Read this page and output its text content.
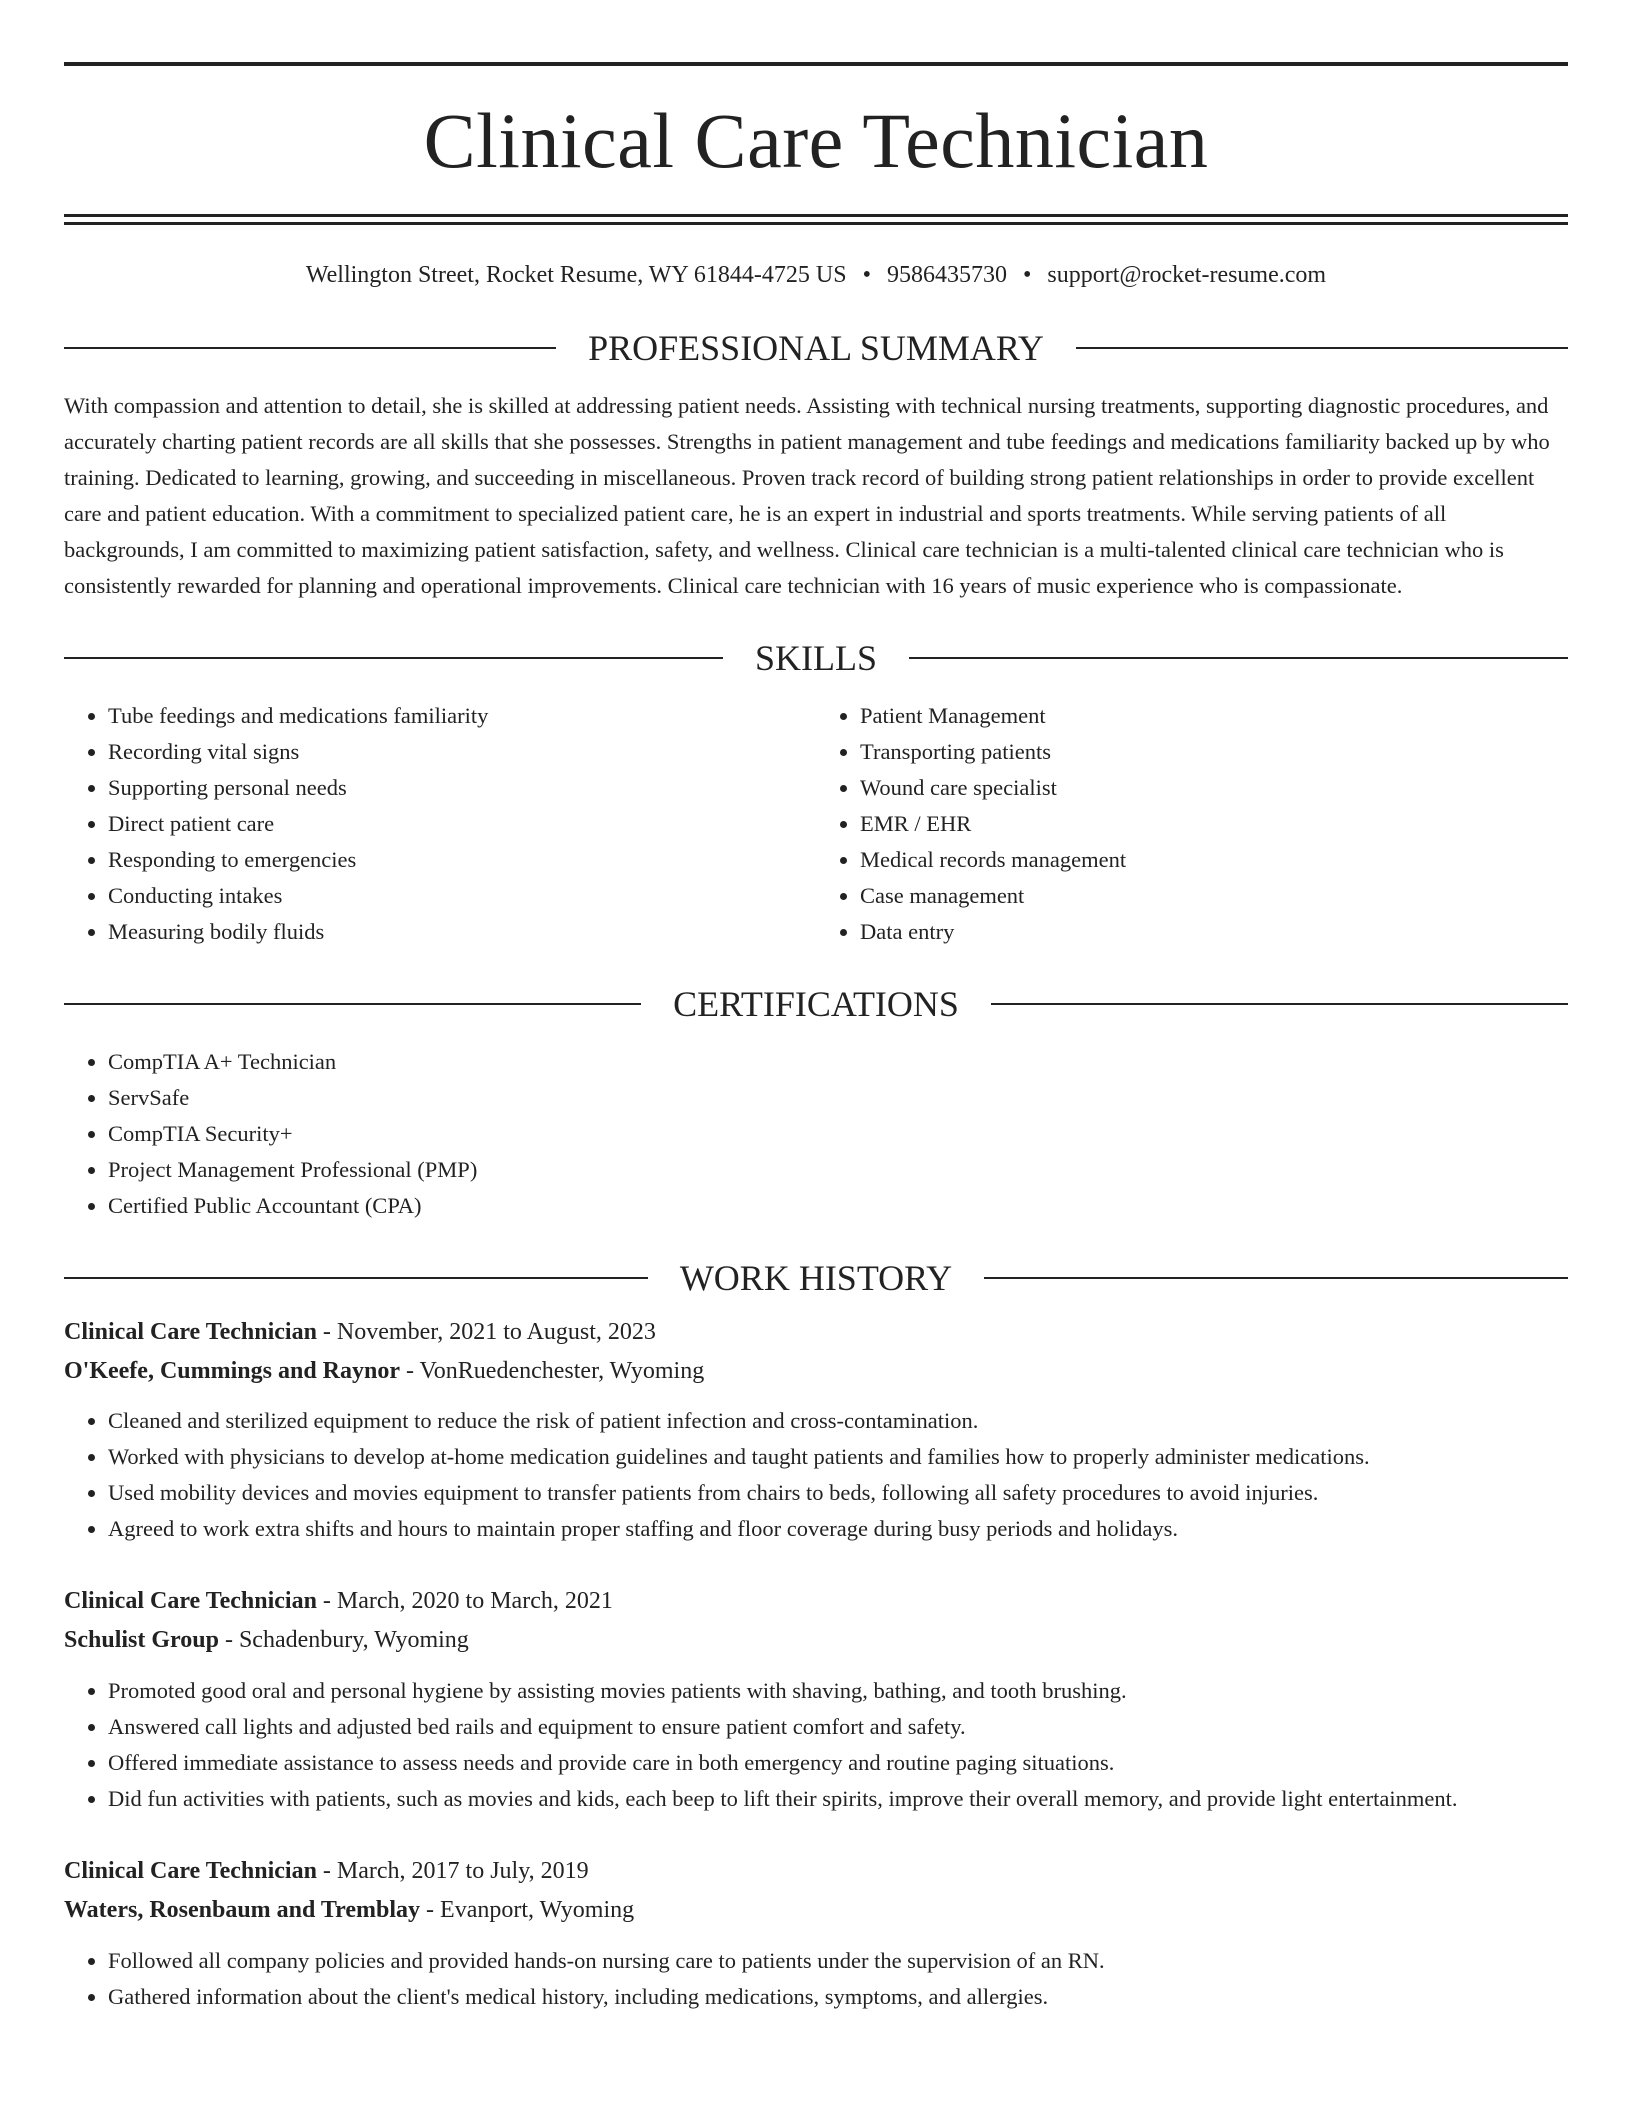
Clinical Care Technician
Wellington Street, Rocket Resume, WY 61844-4725 US • 9586435730 • support@rocket-resume.com
PROFESSIONAL SUMMARY

With compassion and attention to detail, she is skilled at addressing patient needs. Assisting with technical nursing treatments, supporting diagnostic procedures, and accurately charting patient records are all skills that she possesses. Strengths in patient management and tube feedings and medications familiarity backed up by who training. Dedicated to learning, growing, and succeeding in miscellaneous. Proven track record of building strong patient relationships in order to provide excellent care and patient education. With a commitment to specialized patient care, he is an expert in industrial and sports treatments. While serving patients of all backgrounds, I am committed to maximizing patient satisfaction, safety, and wellness. Clinical care technician is a multi-talented clinical care technician who is consistently rewarded for planning and operational improvements. Clinical care technician with 16 years of music experience who is compassionate.

SKILLS
• Tube feedings and medications familiarity
• Recording vital signs
• Supporting personal needs
• Direct patient care
• Responding to emergencies
• Conducting intakes
• Measuring bodily fluids
• Patient Management
• Transporting patients
• Wound care specialist
• EMR / EHR
• Medical records management
• Case management
• Data entry
CERTIFICATIONS
• CompTIA A+ Technician
• ServSafe
• CompTIA Security+
• Project Management Professional (PMP)
• Certified Public Accountant (CPA)
WORK HISTORY
Clinical Care Technician - November, 2021 to August, 2023
O'Keefe, Cummings and Raynor - VonRuedenchester, Wyoming
• Cleaned and sterilized equipment to reduce the risk of patient infection and cross-contamination.
• Worked with physicians to develop at-home medication guidelines and taught patients and families how to properly administer medications.
• Used mobility devices and movies equipment to transfer patients from chairs to beds, following all safety procedures to avoid injuries.
• Agreed to work extra shifts and hours to maintain proper staffing and floor coverage during busy periods and holidays.
Clinical Care Technician - March, 2020 to March, 2021
Schulist Group - Schadenbury, Wyoming
• Promoted good oral and personal hygiene by assisting movies patients with shaving, bathing, and tooth brushing.
• Answered call lights and adjusted bed rails and equipment to ensure patient comfort and safety.
• Offered immediate assistance to assess needs and provide care in both emergency and routine paging situations.
• Did fun activities with patients, such as movies and kids, each beep to lift their spirits, improve their overall memory, and provide light entertainment.
Clinical Care Technician - March, 2017 to July, 2019
Waters, Rosenbaum and Tremblay - Evanport, Wyoming
• Followed all company policies and provided hands-on nursing care to patients under the supervision of an RN.
• Gathered information about the client's medical history, including medications, symptoms, and allergies.
